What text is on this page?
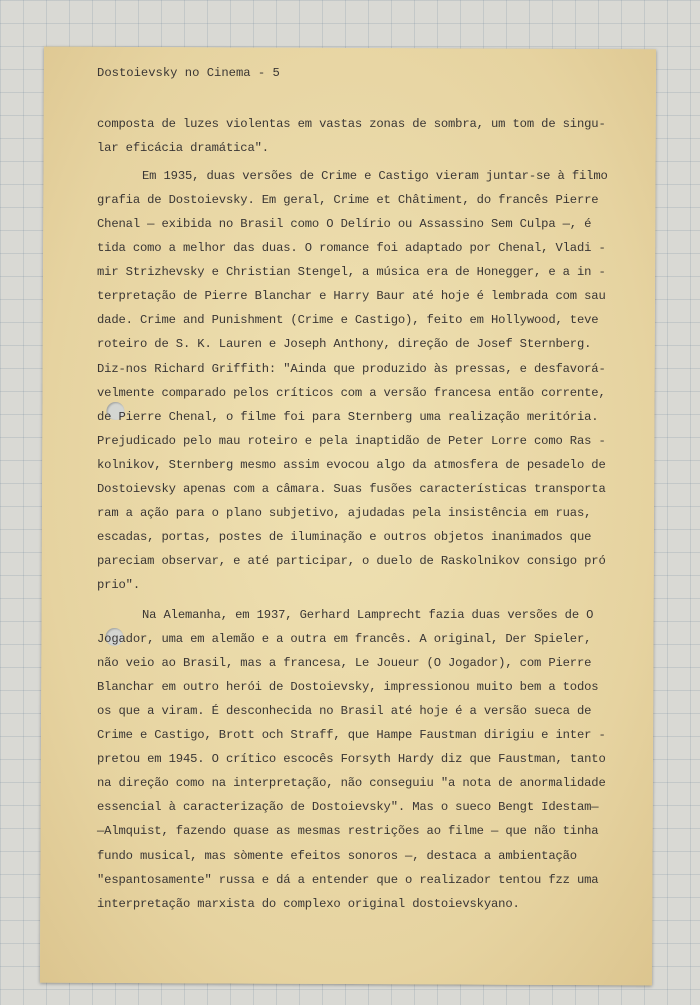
Dostoievsky no Cinema - 5
composta de luzes violentas em vastas zonas de sombra, um tom de singu-
lar eficácia dramática".
Em 1935, duas versões de Crime e Castigo vieram juntar-se à filmo
grafia de Dostoievsky. Em geral, Crime et Châtiment, do francês Pierre
Chenal — exibida no Brasil como O Delírio ou Assassino Sem Culpa —, é
tida como a melhor das duas. O romance foi adaptado por Chenal, Vladi -
mir Strizhevsky e Christian Stengel, a música era de Honegger, e a in -
terpretação de Pierre Blanchar e Harry Baur até hoje é lembrada com sau
dade. Crime and Punishment (Crime e Castigo), feito em Hollywood, teve
roteiro de S. K. Lauren e Joseph Anthony, direção de Josef Sternberg.
Diz-nos Richard Griffith: "Ainda que produzido às pressas, e desfavorá-
velmente comparado pelos críticos com a versão francesa então corrente,
de Pierre Chenal, o filme foi para Sternberg uma realização meritória.
Prejudicado pelo mau roteiro e pela inaptidão de Peter Lorre como Ras -
kolnikov, Sternberg mesmo assim evocou algo da atmosfera de pesadelo de
Dostoievsky apenas com a câmara. Suas fusões características transporta
ram a ação para o plano subjetivo, ajudadas pela insistência em ruas,
escadas, portas, postes de iluminação e outros objetos inanimados que
pareciam observar, e até participar, o duelo de Raskolnikov consigo pró
prio".
Na Alemanha, em 1937, Gerhard Lamprecht fazia duas versões de O
Jogador, uma em alemão e a outra em francês. A original, Der Spieler,
não veio ao Brasil, mas a francesa, Le Joueur (O Jogador), com Pierre
Blanchar em outro herói de Dostoievsky, impressionou muito bem a todos
os que a viram. É desconhecida no Brasil até hoje é a versão sueca de
Crime e Castigo, Brott och Straff, que Hampe Faustman dirigiu e inter -
pretou em 1945. O crítico escocês Forsyth Hardy diz que Faustman, tanto
na direção como na interpretação, não conseguiu "a nota de anormalidade
essencial à caracterização de Dostoievsky". Mas o sueco Bengt Idestam—
—Almquist, fazendo quase as mesmas restrições ao filme — que não tinha
fundo musical, mas sòmente efeitos sonoros —, destaca a ambientação
"espantosamente" russa e dá a entender que o realizador tentou fzz uma
interpretação marxista do complexo original dostoievskyano.
